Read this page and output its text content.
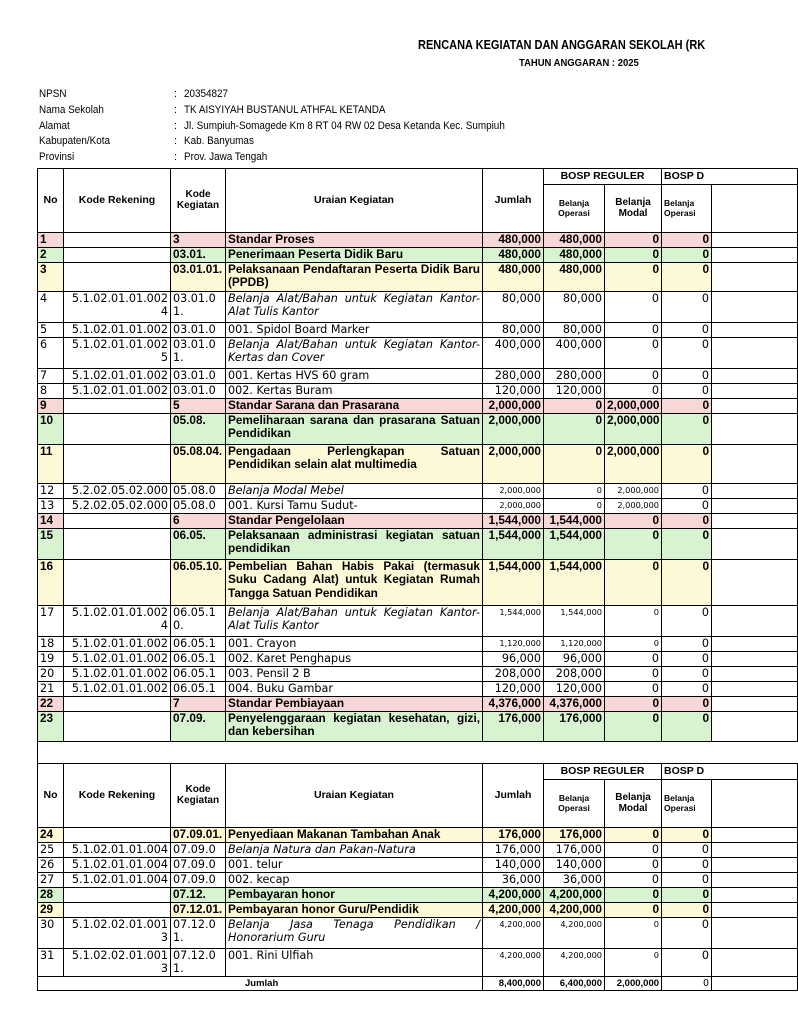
RENCANA KEGIATAN DAN ANGGARAN SEKOLAH (RK
TAHUN ANGGARAN : 2025
NPSN	: 20354827
Nama Sekolah	: TK AISYIYAH BUSTANUL ATHFAL KETANDA
Alamat	: Jl. Sumpiuh-Somagede Km 8 RT 04 RW 02 Desa Ketanda Kec. Sumpiuh
Kabupaten/Kota	: Kab. Banyumas
Provinsi	: Prov. Jawa Tengah
No	Kode Rekening	Kode Kegiatan	Uraian Kegiatan	Jumlah	BOSP REGULER		BOSP D	
					Belanja Operasi	Belanja Modal	Belanja Operasi	
1		3	Standar Proses	480,000	480,000	0	0	
2		03.01.	Penerimaan Peserta Didik Baru	480,000	480,000	0	0	
3		03.01.01.	Pelaksanaan Pendaftaran Peserta Didik Baru (PPDB)	480,000	480,000	0	0	
4	5.1.02.01.01.002 4	03.01.0 1.	Belanja Alat/Bahan untuk Kegiatan Kantor-Alat Tulis Kantor	80,000	80,000	0	0	
5	5.1.02.01.01.002	03.01.0	001. Spidol Board Marker	80,000	80,000	0	0	
6	5.1.02.01.01.002 5	03.01.0 1.	Belanja Alat/Bahan untuk Kegiatan Kantor-Kertas dan Cover	400,000	400,000	0	0	
7	5.1.02.01.01.002	03.01.0	001. Kertas HVS 60 gram	280,000	280,000	0	0	
8	5.1.02.01.01.002	03.01.0	002. Kertas Buram	120,000	120,000	0	0	
9		5	Standar Sarana dan Prasarana	2,000,000	0	2,000,000	0	
10		05.08.	Pemeliharaan sarana dan prasarana Satuan Pendidikan	2,000,000	0	2,000,000	0	
11		05.08.04.	Pengadaan Perlengkapan Satuan Pendidikan selain alat multimedia	2,000,000	0	2,000,000	0	
12	5.2.02.05.02.000	05.08.0	Belanja Modal Mebel	2,000,000	0	2,000,000	0	
13	5.2.02.05.02.000	05.08.0	001. Kursi Tamu Sudut-	2,000,000	0	2,000,000	0	
14		6	Standar Pengelolaan	1,544,000	1,544,000	0	0	
15		06.05.	Pelaksanaan administrasi kegiatan satuan pendidikan	1,544,000	1,544,000	0	0	
16		06.05.10.	Pembelian Bahan Habis Pakai (termasuk Suku Cadang Alat) untuk Kegiatan Rumah Tangga Satuan Pendidikan	1,544,000	1,544,000	0	0	
17	5.1.02.01.01.002 4	06.05.1 0.	Belanja Alat/Bahan untuk Kegiatan Kantor-Alat Tulis Kantor	1,544,000	1,544,000	0	0	
18	5.1.02.01.01.002	06.05.1	001. Crayon	1,120,000	1,120,000	0	0	
19	5.1.02.01.01.002	06.05.1	002. Karet Penghapus	96,000	96,000	0	0	
20	5.1.02.01.01.002	06.05.1	003. Pensil 2 B	208,000	208,000	0	0	
21	5.1.02.01.01.002	06.05.1	004. Buku Gambar	120,000	120,000	0	0	
22		7	Standar Pembiayaan	4,376,000	4,376,000	0	0	
23		07.09.	Penyelenggaraan kegiatan kesehatan, gizi, dan kebersihan	176,000	176,000	0	0	

No	Kode Rekening	Kode Kegiatan	Uraian Kegiatan	Jumlah	BOSP REGULER		BOSP D	
					Belanja Operasi	Belanja Modal	Belanja Operasi	
24		07.09.01.	Penyediaan Makanan Tambahan Anak	176,000	176,000	0	0	
25	5.1.02.01.01.004	07.09.0	Belanja Natura dan Pakan-Natura	176,000	176,000	0	0	
26	5.1.02.01.01.004	07.09.0	001. telur	140,000	140,000	0	0	
27	5.1.02.01.01.004	07.09.0	002. kecap	36,000	36,000	0	0	
28		07.12.	Pembayaran honor	4,200,000	4,200,000	0	0	
29		07.12.01.	Pembayaran honor Guru/Pendidik	4,200,000	4,200,000	0	0	
30	5.1.02.02.01.001 3	07.12.0 1.	Belanja Jasa Tenaga Pendidikan / Honorarium Guru	4,200,000	4,200,000	0	0	
31	5.1.02.02.01.001 3	07.12.0 1.	001. Rini Ulfiah	4,200,000	4,200,000	0	0	
Jumlah				8,400,000	6,400,000	2,000,000	0	
